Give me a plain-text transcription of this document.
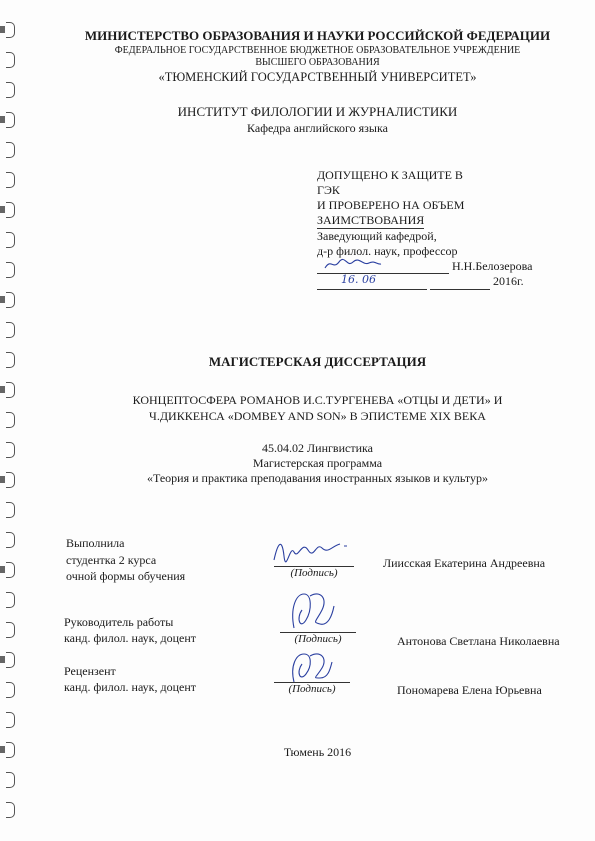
МИНИСТЕРСТВО ОБРАЗОВАНИЯ И НАУКИ РОССИЙСКОЙ ФЕДЕРАЦИИ
ФЕДЕРАЛЬНОЕ ГОСУДАРСТВЕННОЕ БЮДЖЕТНОЕ ОБРАЗОВАТЕЛЬНОЕ УЧРЕЖДЕНИЕ
ВЫСШЕГО ОБРАЗОВАНИЯ
«ТЮМЕНСКИЙ ГОСУДАРСТВЕННЫЙ УНИВЕРСИТЕТ»
ИНСТИТУТ ФИЛОЛОГИИ И ЖУРНАЛИСТИКИ
Кафедра английского языка
ДОПУЩЕНО К ЗАЩИТЕ В
ГЭК
И ПРОВЕРЕНО НА ОБЪЕМ
ЗАИМСТВОВАНИЯ
Заведующий кафедрой,
д-р филол. наук, профессор
Н.Н.Белозерова
16. 06	2016г.
МАГИСТЕРСКАЯ ДИССЕРТАЦИЯ
КОНЦЕПТОСФЕРА РОМАНОВ И.С.ТУРГЕНЕВА «ОТЦЫ И ДЕТИ» И
Ч.ДИККЕНСА «DOMBEY AND SON» В ЭПИСТЕМЕ XIX ВЕКА
45.04.02 Лингвистика
Магистерская программа
«Теория и практика преподавания иностранных языков и культур»
Выполнила
студентка 2 курса
очной формы обучения	(Подпись)
Лиисская Екатерина Андреевна
Руководитель работы
канд. филол. наук, доцент	(Подпись)	Антонова Светлана Николаевна
Рецензент
канд. филол. наук, доцент	(Подпись)	Пономарева Елена Юрьевна
Тюмень 2016
